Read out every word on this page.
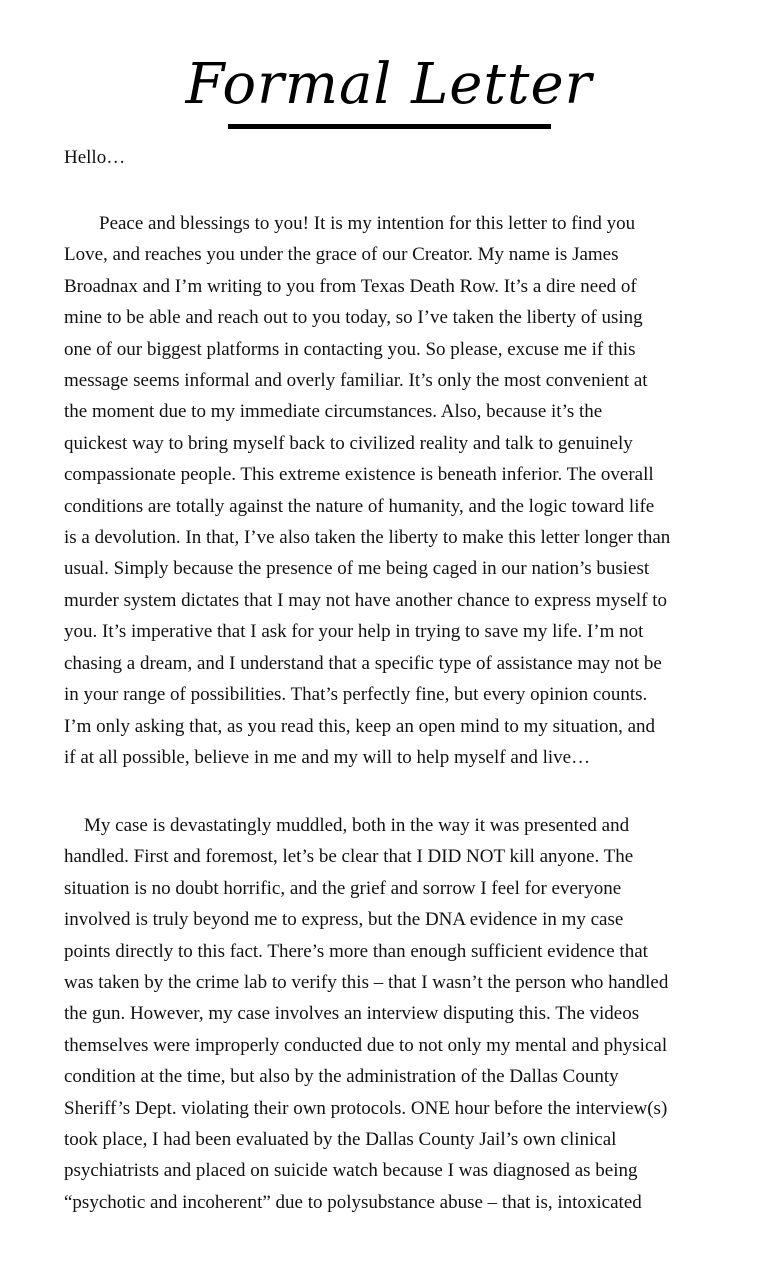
Formal Letter
Hello…
Peace and blessings to you! It is my intention for this letter to find you
Love, and reaches you under the grace of our Creator. My name is James
Broadnax and I’m writing to you from Texas Death Row. It’s a dire need of
mine to be able and reach out to you today, so I’ve taken the liberty of using
one of our biggest platforms in contacting you. So please, excuse me if this
message seems informal and overly familiar. It’s only the most convenient at
the moment due to my immediate circumstances. Also, because it’s the
quickest way to bring myself back to civilized reality and talk to genuinely
compassionate people. This extreme existence is beneath inferior. The overall
conditions are totally against the nature of humanity, and the logic toward life
is a devolution. In that, I’ve also taken the liberty to make this letter longer than
usual. Simply because the presence of me being caged in our nation’s busiest
murder system dictates that I may not have another chance to express myself to
you. It’s imperative that I ask for your help in trying to save my life. I’m not
chasing a dream, and I understand that a specific type of assistance may not be
in your range of possibilities. That’s perfectly fine, but every opinion counts.
I’m only asking that, as you read this, keep an open mind to my situation, and
if at all possible, believe in me and my will to help myself and live…
My case is devastatingly muddled, both in the way it was presented and
handled. First and foremost, let’s be clear that I DID NOT kill anyone. The
situation is no doubt horrific, and the grief and sorrow I feel for everyone
involved is truly beyond me to express, but the DNA evidence in my case
points directly to this fact. There’s more than enough sufficient evidence that
was taken by the crime lab to verify this – that I wasn’t the person who handled
the gun. However, my case involves an interview disputing this. The videos
themselves were improperly conducted due to not only my mental and physical
condition at the time, but also by the administration of the Dallas County
Sheriff’s Dept. violating their own protocols. ONE hour before the interview(s)
took place, I had been evaluated by the Dallas County Jail’s own clinical
psychiatrists and placed on suicide watch because I was diagnosed as being
“psychotic and incoherent” due to polysubstance abuse – that is, intoxicated
